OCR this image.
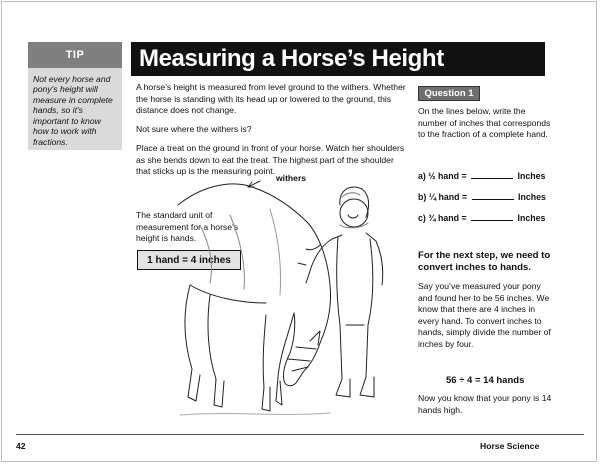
TIP
Not every horse and pony's height will measure in complete hands, so it's important to know how to work with fractions.
Measuring a Horse’s Height
A horse’s height is measured from level ground to the withers. Whether the horse is standing with its head up or lowered to the ground, this distance does not change.
Not sure where the withers is?
Place a treat on the ground in front of your horse. Watch her shoulders as she bends down to eat the treat. The highest part of the shoulder that sticks up is the measuring point.
The standard unit of measurement for a horse’s height is hands.
1 hand = 4 inches
withers
Question 1
On the lines below, write the number of inches that corresponds to the fraction of a complete hand.
a) ½ hand =	Inches
b) ¼ hand =	Inches
c) ¾ hand =	Inches
For the next step, we need to convert inches to hands.
Say you’ve measured your pony and found her to be 56 inches. We know that there are 4 inches in every hand. To convert inches to hands, simply divide the number of inches by four.
56 ÷ 4 = 14 hands
Now you know that your pony is 14 hands high.
42	Horse Science
